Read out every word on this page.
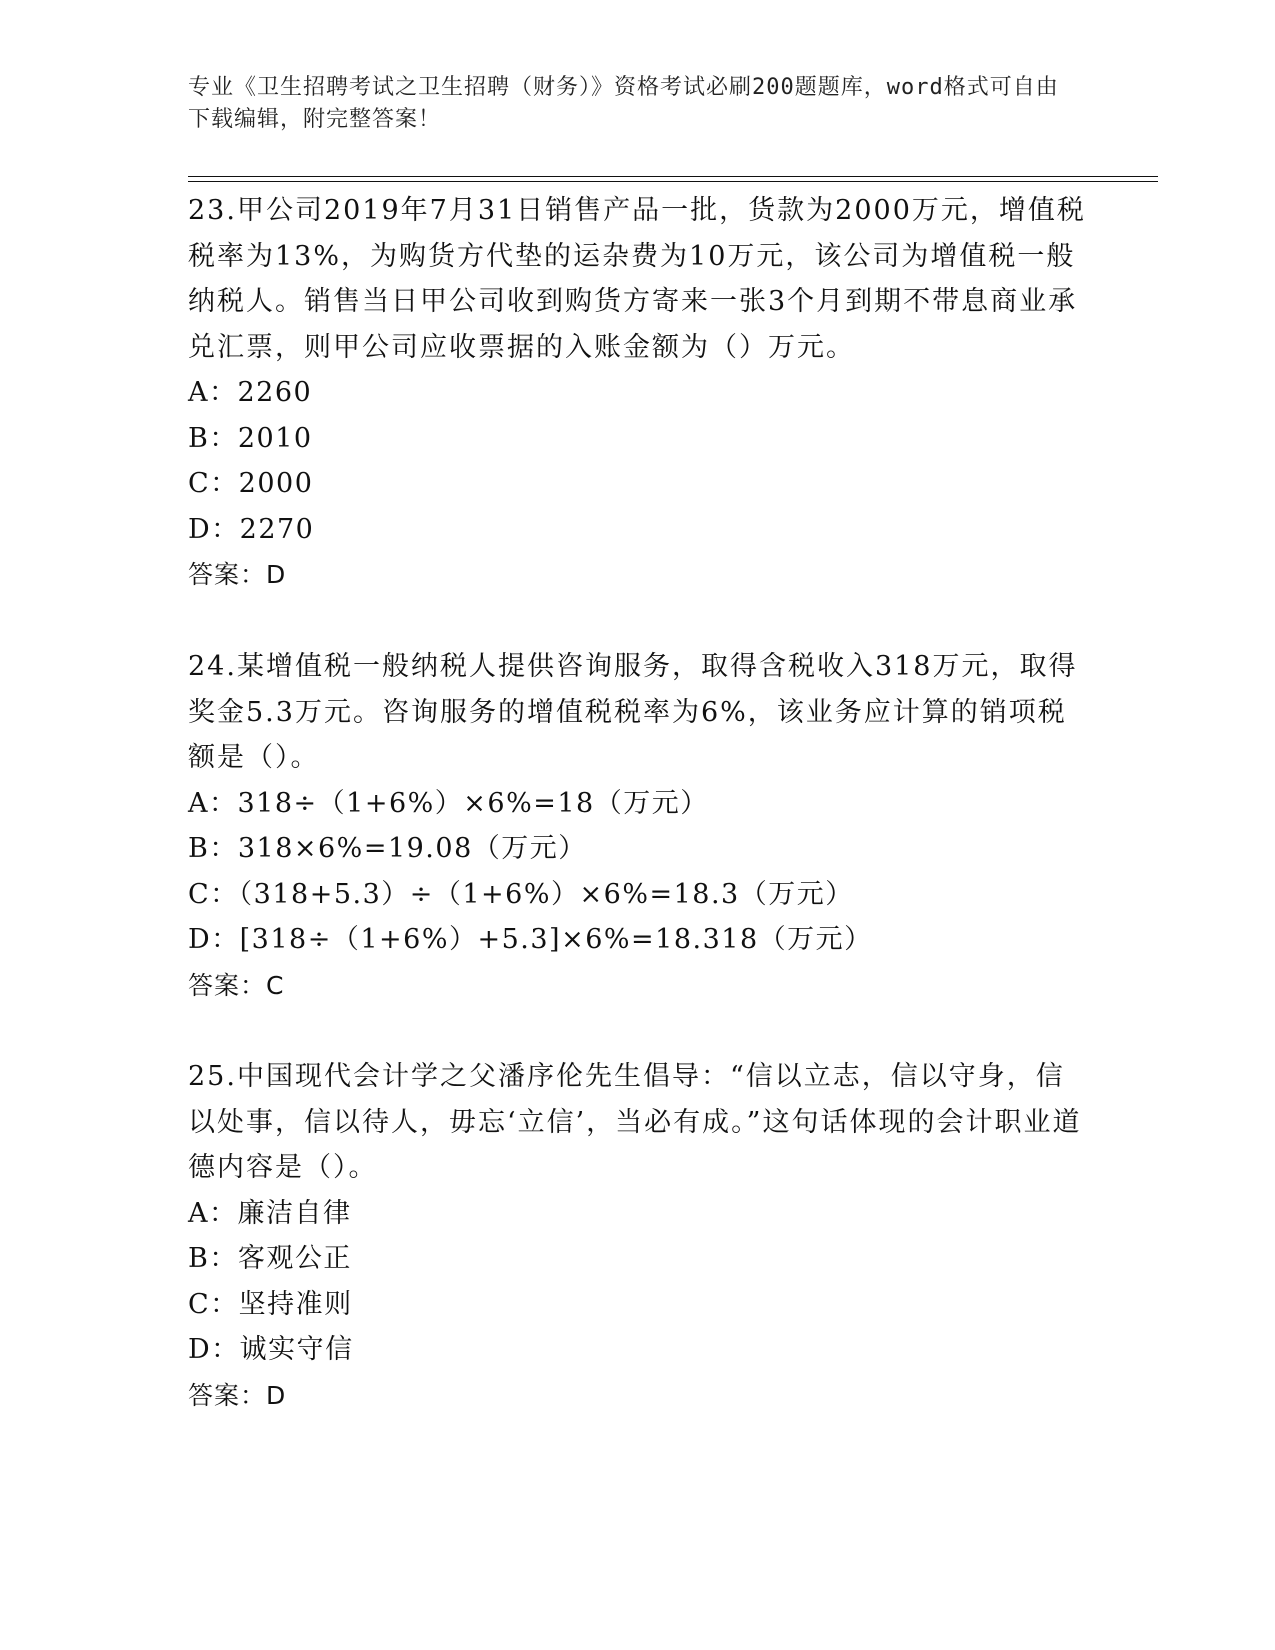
专业《卫生招聘考试之卫生招聘（财务）》资格考试必刷200题题库，word格式可自由下载编辑，附完整答案！

23.甲公司2019年7月31日销售产品一批，货款为2000万元，增值税税率为13%，为购货方代垫的运杂费为10万元，该公司为增值税一般纳税人。销售当日甲公司收到购货方寄来一张3个月到期不带息商业承兑汇票，则甲公司应收票据的入账金额为（）万元。

A：2260

B：2010

C：2000

D：2270

答案：D

24.某增值税一般纳税人提供咨询服务，取得含税收入318万元，取得奖金5.3万元。咨询服务的增值税税率为6%，该业务应计算的销项税额是（）。

A：318÷（1+6%）×6%=18（万元）

B：318×6%=19.08（万元）

C：（318+5.3）÷（1+6%）×6%=18.3（万元）

D：[318÷（1+6%）+5.3]×6%=18.318（万元）

答案：C

25.中国现代会计学之父潘序伦先生倡导：“信以立志，信以守身，信以处事，信以待人，毋忘‘立信’，当必有成。”这句话体现的会计职业道德内容是（）。

A：廉洁自律

B：客观公正

C：坚持准则

D：诚实守信

答案：D
